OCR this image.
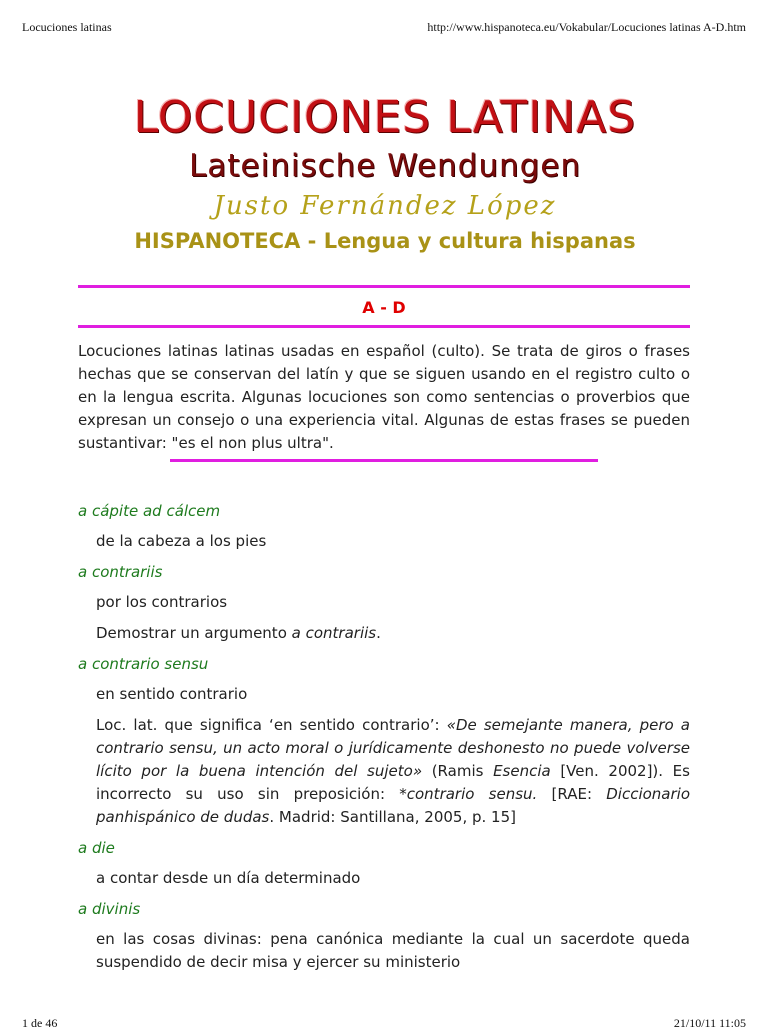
Locuciones latinas	http://www.hispanoteca.eu/Vokabular/Locuciones latinas A-D.htm

LOCUCIONES LATINAS

Lateinische Wendungen

Justo Fernández López

HISPANOTECA - Lengua y cultura hispanas

A - D

Locuciones latinas latinas usadas en español (culto). Se trata de giros o frases hechas que se conservan del latín y que se siguen usando en el registro culto o en la lengua escrita. Algunas locuciones son como sentencias o proverbios que expresan un consejo o una experiencia vital. Algunas de estas frases se pueden sustantivar: "es el non plus ultra".

a cápite ad cálcem

de la cabeza a los pies

a contrariis

por los contrarios

Demostrar un argumento a contrariis.

a contrario sensu

en sentido contrario

Loc. lat. que significa ‘en sentido contrario’: «De semejante manera, pero a contrario sensu, un acto moral o jurídicamente deshonesto no puede volverse lícito por la buena intención del sujeto» (Ramis Esencia [Ven. 2002]). Es incorrecto su uso sin preposición: *contrario sensu. [RAE: Diccionario panhispánico de dudas. Madrid: Santillana, 2005, p. 15]

a die

a contar desde un día determinado

a divinis

en las cosas divinas: pena canónica mediante la cual un sacerdote queda suspendido de decir misa y ejercer su ministerio

1 de 46	21/10/11 11:05
